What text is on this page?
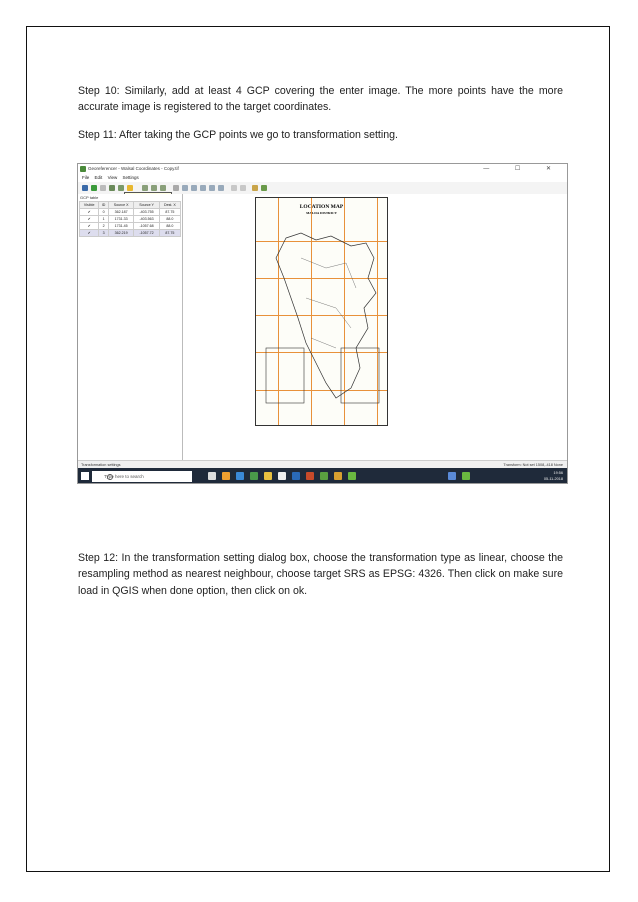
Step 10: Similarly, add at least 4 GCP covering the enter image. The more points have the more accurate image is registered to the target coordinates.

Step 11: After taking the GCP points we go to transformation setting.

Georeferencer - Walsal Coordinates - Copy.tif	— ☐ ✕
File Edit View Settings
GCP table
Visible	ID	Source X	Source Y	Dest. X
✔	0	362.187	-403.755	87.75
✔	1	1731.33	-403.563	88.0
✔	2	1731.45	-1057.68	88.0
✔	3	362.219	-1057.72	87.75
LOCATION MAP
MALDA DISTRICT
Transformation settings	Transform: Not set 1508,-418 None
Type here to search
19:56
05-11-2018

Step 12: In the transformation setting dialog box, choose the transformation type as linear, choose the resampling method as nearest neighbour, choose target SRS as EPSG: 4326. Then click on make sure load in QGIS when done option, then click on ok.
